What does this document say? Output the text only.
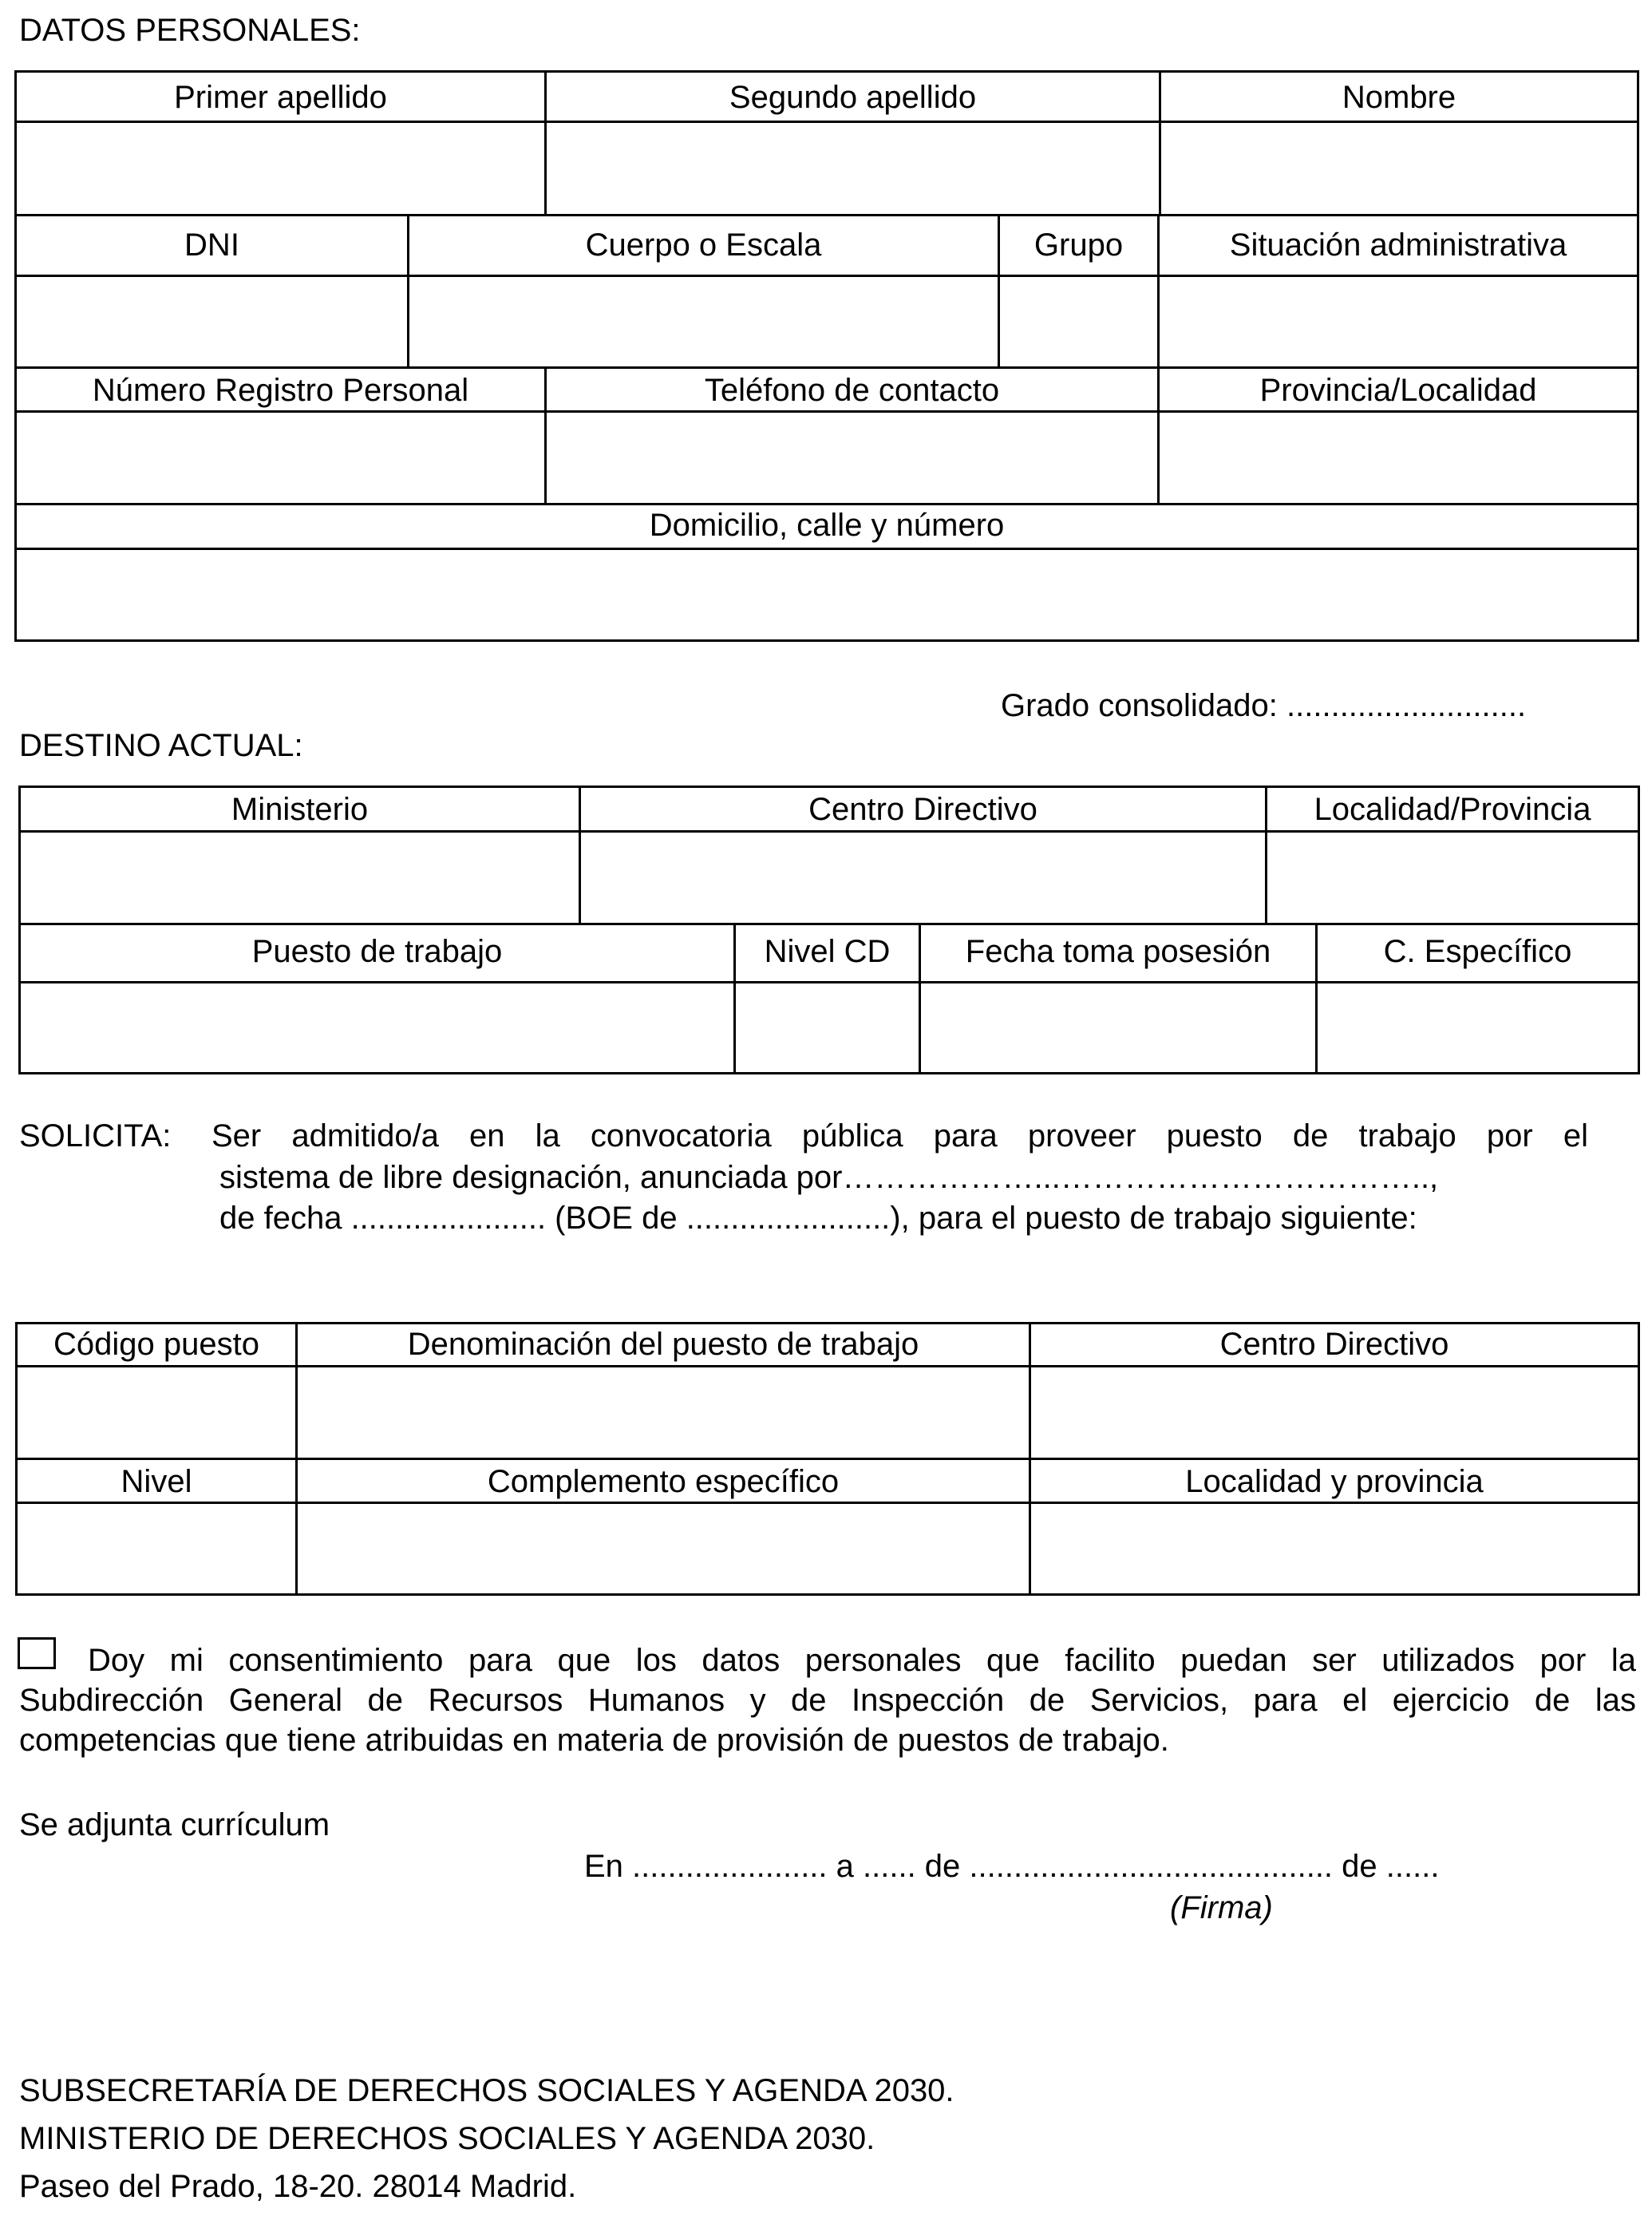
DATOS PERSONALES:
Primer apellido	Segundo apellido	Nombre
DNI	Cuerpo o Escala	Grupo	Situación administrativa
Número Registro Personal	Teléfono de contacto	Provincia/Localidad
Domicilio, calle y número
Grado consolidado: ...........................
DESTINO ACTUAL:
Ministerio	Centro Directivo	Localidad/Provincia
Puesto de trabajo	Nivel CD	Fecha toma posesión	C. Específico
SOLICITA: Ser admitido/a en la convocatoria pública para proveer puesto de trabajo por el
sistema de libre designación, anunciada por………………...……………………………..,
de fecha ...................... (BOE de .......................), para el puesto de trabajo siguiente:
Código puesto	Denominación del puesto de trabajo	Centro Directivo
Nivel	Complemento específico	Localidad y provincia
Doy mi consentimiento para que los datos personales que facilito puedan ser utilizados por la
Subdirección General de Recursos Humanos y de Inspección de Servicios, para el ejercicio de las
competencias que tiene atribuidas en materia de provisión de puestos de trabajo.
Se adjunta currículum
En ...................... a ...... de ......................................... de ......
(Firma)
SUBSECRETARÍA DE DERECHOS SOCIALES Y AGENDA 2030.
MINISTERIO DE DERECHOS SOCIALES Y AGENDA 2030.
Paseo del Prado, 18-20. 28014 Madrid.
